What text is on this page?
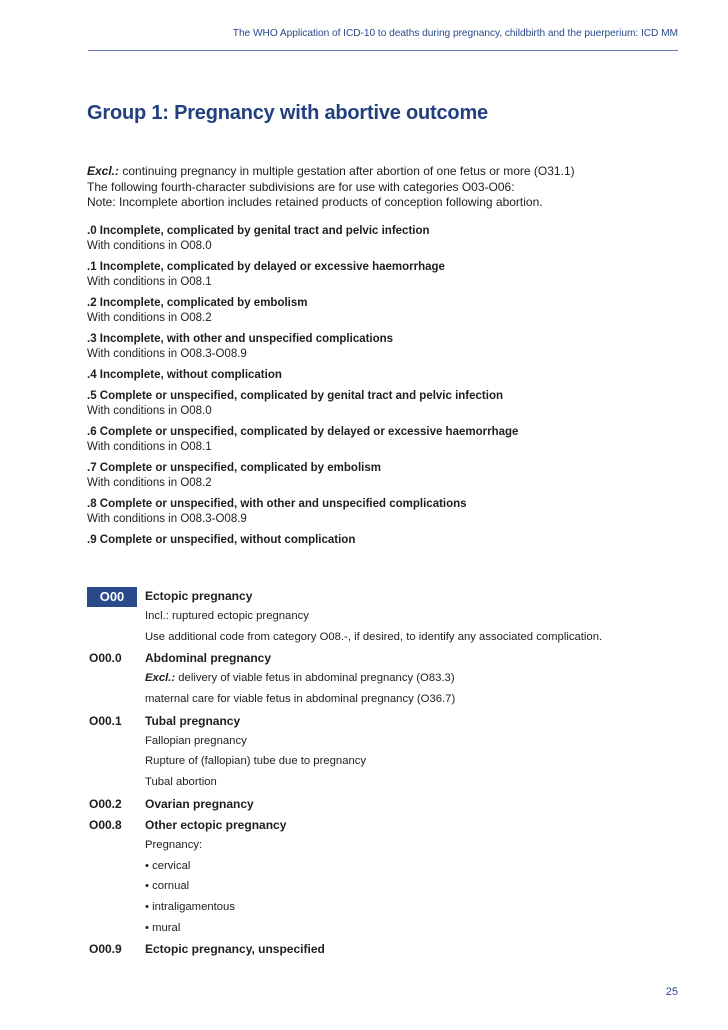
The WHO Application of ICD-10 to deaths during pregnancy, childbirth and the puerperium: ICD MM
Group 1: Pregnancy with abortive outcome
Excl.: continuing pregnancy in multiple gestation after abortion of one fetus or more (O31.1)
The following fourth-character subdivisions are for use with categories O03-O06:
Note: Incomplete abortion includes retained products of conception following abortion.
.0 Incomplete, complicated by genital tract and pelvic infection
With conditions in O08.0
.1 Incomplete, complicated by delayed or excessive haemorrhage
With conditions in O08.1
.2 Incomplete, complicated by embolism
With conditions in O08.2
.3 Incomplete, with other and unspecified complications
With conditions in O08.3-O08.9
.4 Incomplete, without complication
.5 Complete or unspecified, complicated by genital tract and pelvic infection
With conditions in O08.0
.6 Complete or unspecified, complicated by delayed or excessive haemorrhage
With conditions in O08.1
.7 Complete or unspecified, complicated by embolism
With conditions in O08.2
.8 Complete or unspecified, with other and unspecified complications
With conditions in O08.3-O08.9
.9 Complete or unspecified, without complication
O00	Ectopic pregnancy
Incl.: ruptured ectopic pregnancy
Use additional code from category O08.-, if desired, to identify any associated complication.
O00.0 Abdominal pregnancy
Excl.: delivery of viable fetus in abdominal pregnancy (O83.3)
maternal care for viable fetus in abdominal pregnancy (O36.7)
O00.1 Tubal pregnancy
Fallopian pregnancy
Rupture of (fallopian) tube due to pregnancy
Tubal abortion
O00.2 Ovarian pregnancy
O00.8 Other ectopic pregnancy
Pregnancy:
• cervical
• cornual
• intraligamentous
• mural
O00.9 Ectopic pregnancy, unspecified
25
